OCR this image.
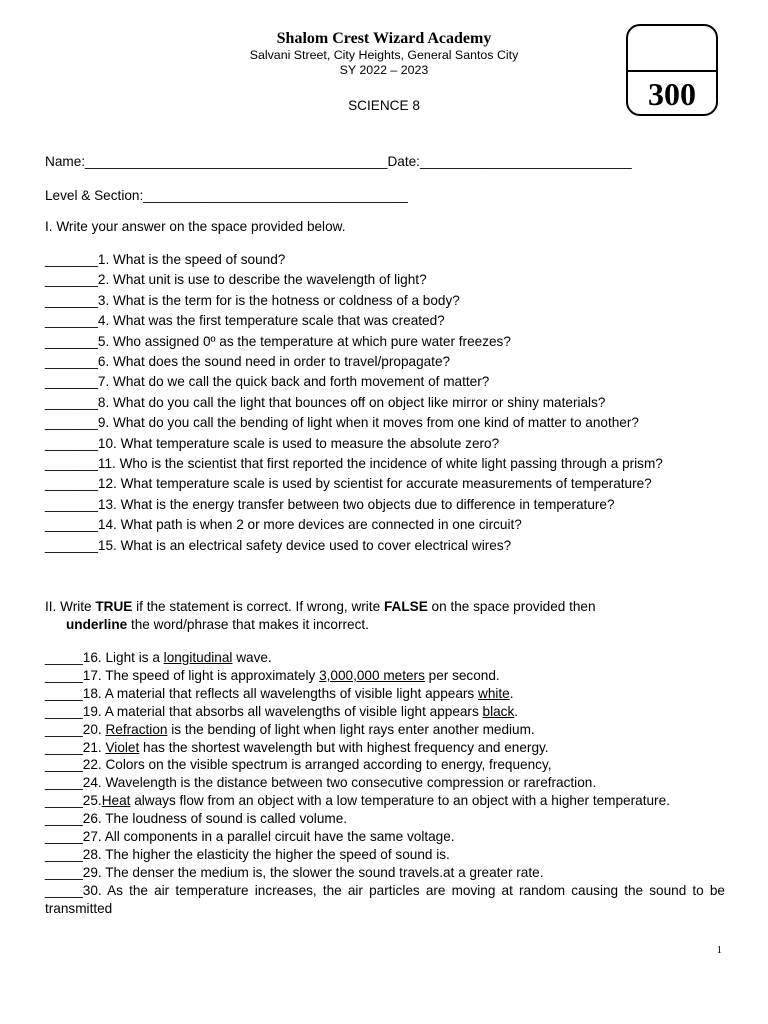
Shalom Crest Wizard Academy
Salvani Street, City Heights, General Santos City
SY 2022 – 2023
SCIENCE 8	300
Name:________________________________________Date:____________________________
Level & Section:___________________________________
I. Write your answer on the space provided below.
_______1. What is the speed of sound?
_______2. What unit is use to describe the wavelength of light?
_______3. What is the term for is the hotness or coldness of a body?
_______4. What was the first temperature scale that was created?
_______5. Who assigned 0º as the temperature at which pure water freezes?
_______6. What does the sound need in order to travel/propagate?
_______7. What do we call the quick back and forth movement of matter?
_______8. What do you call the light that bounces off on object like mirror or shiny materials?
_______9. What do you call the bending of light when it moves from one kind of matter to another?
_______10. What temperature scale is used to measure the absolute zero?
_______11. Who is the scientist that first reported the incidence of white light passing through a prism?
_______12. What temperature scale is used by scientist for accurate measurements of temperature?
_______13. What is the energy transfer between two objects due to difference in temperature?
_______14. What path is when 2 or more devices are connected in one circuit?
_______15. What is an electrical safety device used to cover electrical wires?
II. Write TRUE if the statement is correct. If wrong, write FALSE on the space provided then
underline the word/phrase that makes it incorrect.
_____16. Light is a longitudinal wave.
_____17. The speed of light is approximately 3,000,000 meters per second.
_____18. A material that reflects all wavelengths of visible light appears white.
_____19. A material that absorbs all wavelengths of visible light appears black.
_____20. Refraction is the bending of light when light rays enter another medium.
_____21. Violet has the shortest wavelength but with highest frequency and energy.
_____22. Colors on the visible spectrum is arranged according to energy, frequency,
_____24. Wavelength is the distance between two consecutive compression or rarefraction.
_____25.Heat always flow from an object with a low temperature to an object with a higher temperature.
_____26. The loudness of sound is called volume.
_____27. All components in a parallel circuit have the same voltage.
_____28. The higher the elasticity the higher the speed of sound is.
_____29. The denser the medium is, the slower the sound travels.at a greater rate.
_____30. As the air temperature increases, the air particles are moving at random causing the sound to be transmitted
1
